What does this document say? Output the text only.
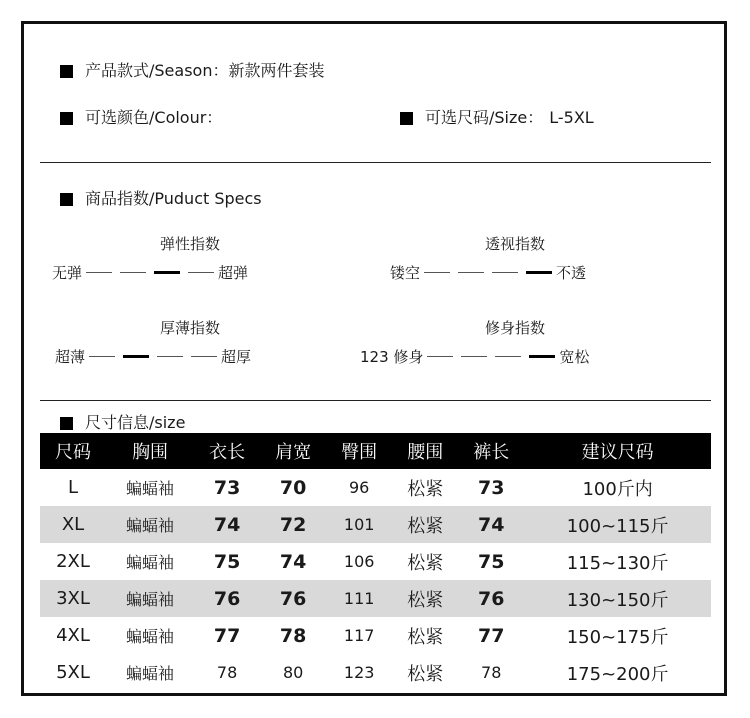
产品款式/Season：新款两件套装
可选颜色/Colour：	可选尺码/Size： L-5XL
商品指数/Puduct Specs
弹性指数
无弹	超弹
透视指数
镂空	不透
厚薄指数
超薄	超厚
修身指数
123 修身	宽松
尺寸信息/size
尺码	胸围	衣长	肩宽	臀围	腰围	裤长	建议尺码
L	蝙蝠袖	73	70	96	松紧	73	100斤内
XL	蝙蝠袖	74	72	101	松紧	74	100~115斤
2XL	蝙蝠袖	75	74	106	松紧	75	115~130斤
3XL	蝙蝠袖	76	76	111	松紧	76	130~150斤
4XL	蝙蝠袖	77	78	117	松紧	77	150~175斤
5XL	蝙蝠袖	78	80	123	松紧	78	175~200斤
